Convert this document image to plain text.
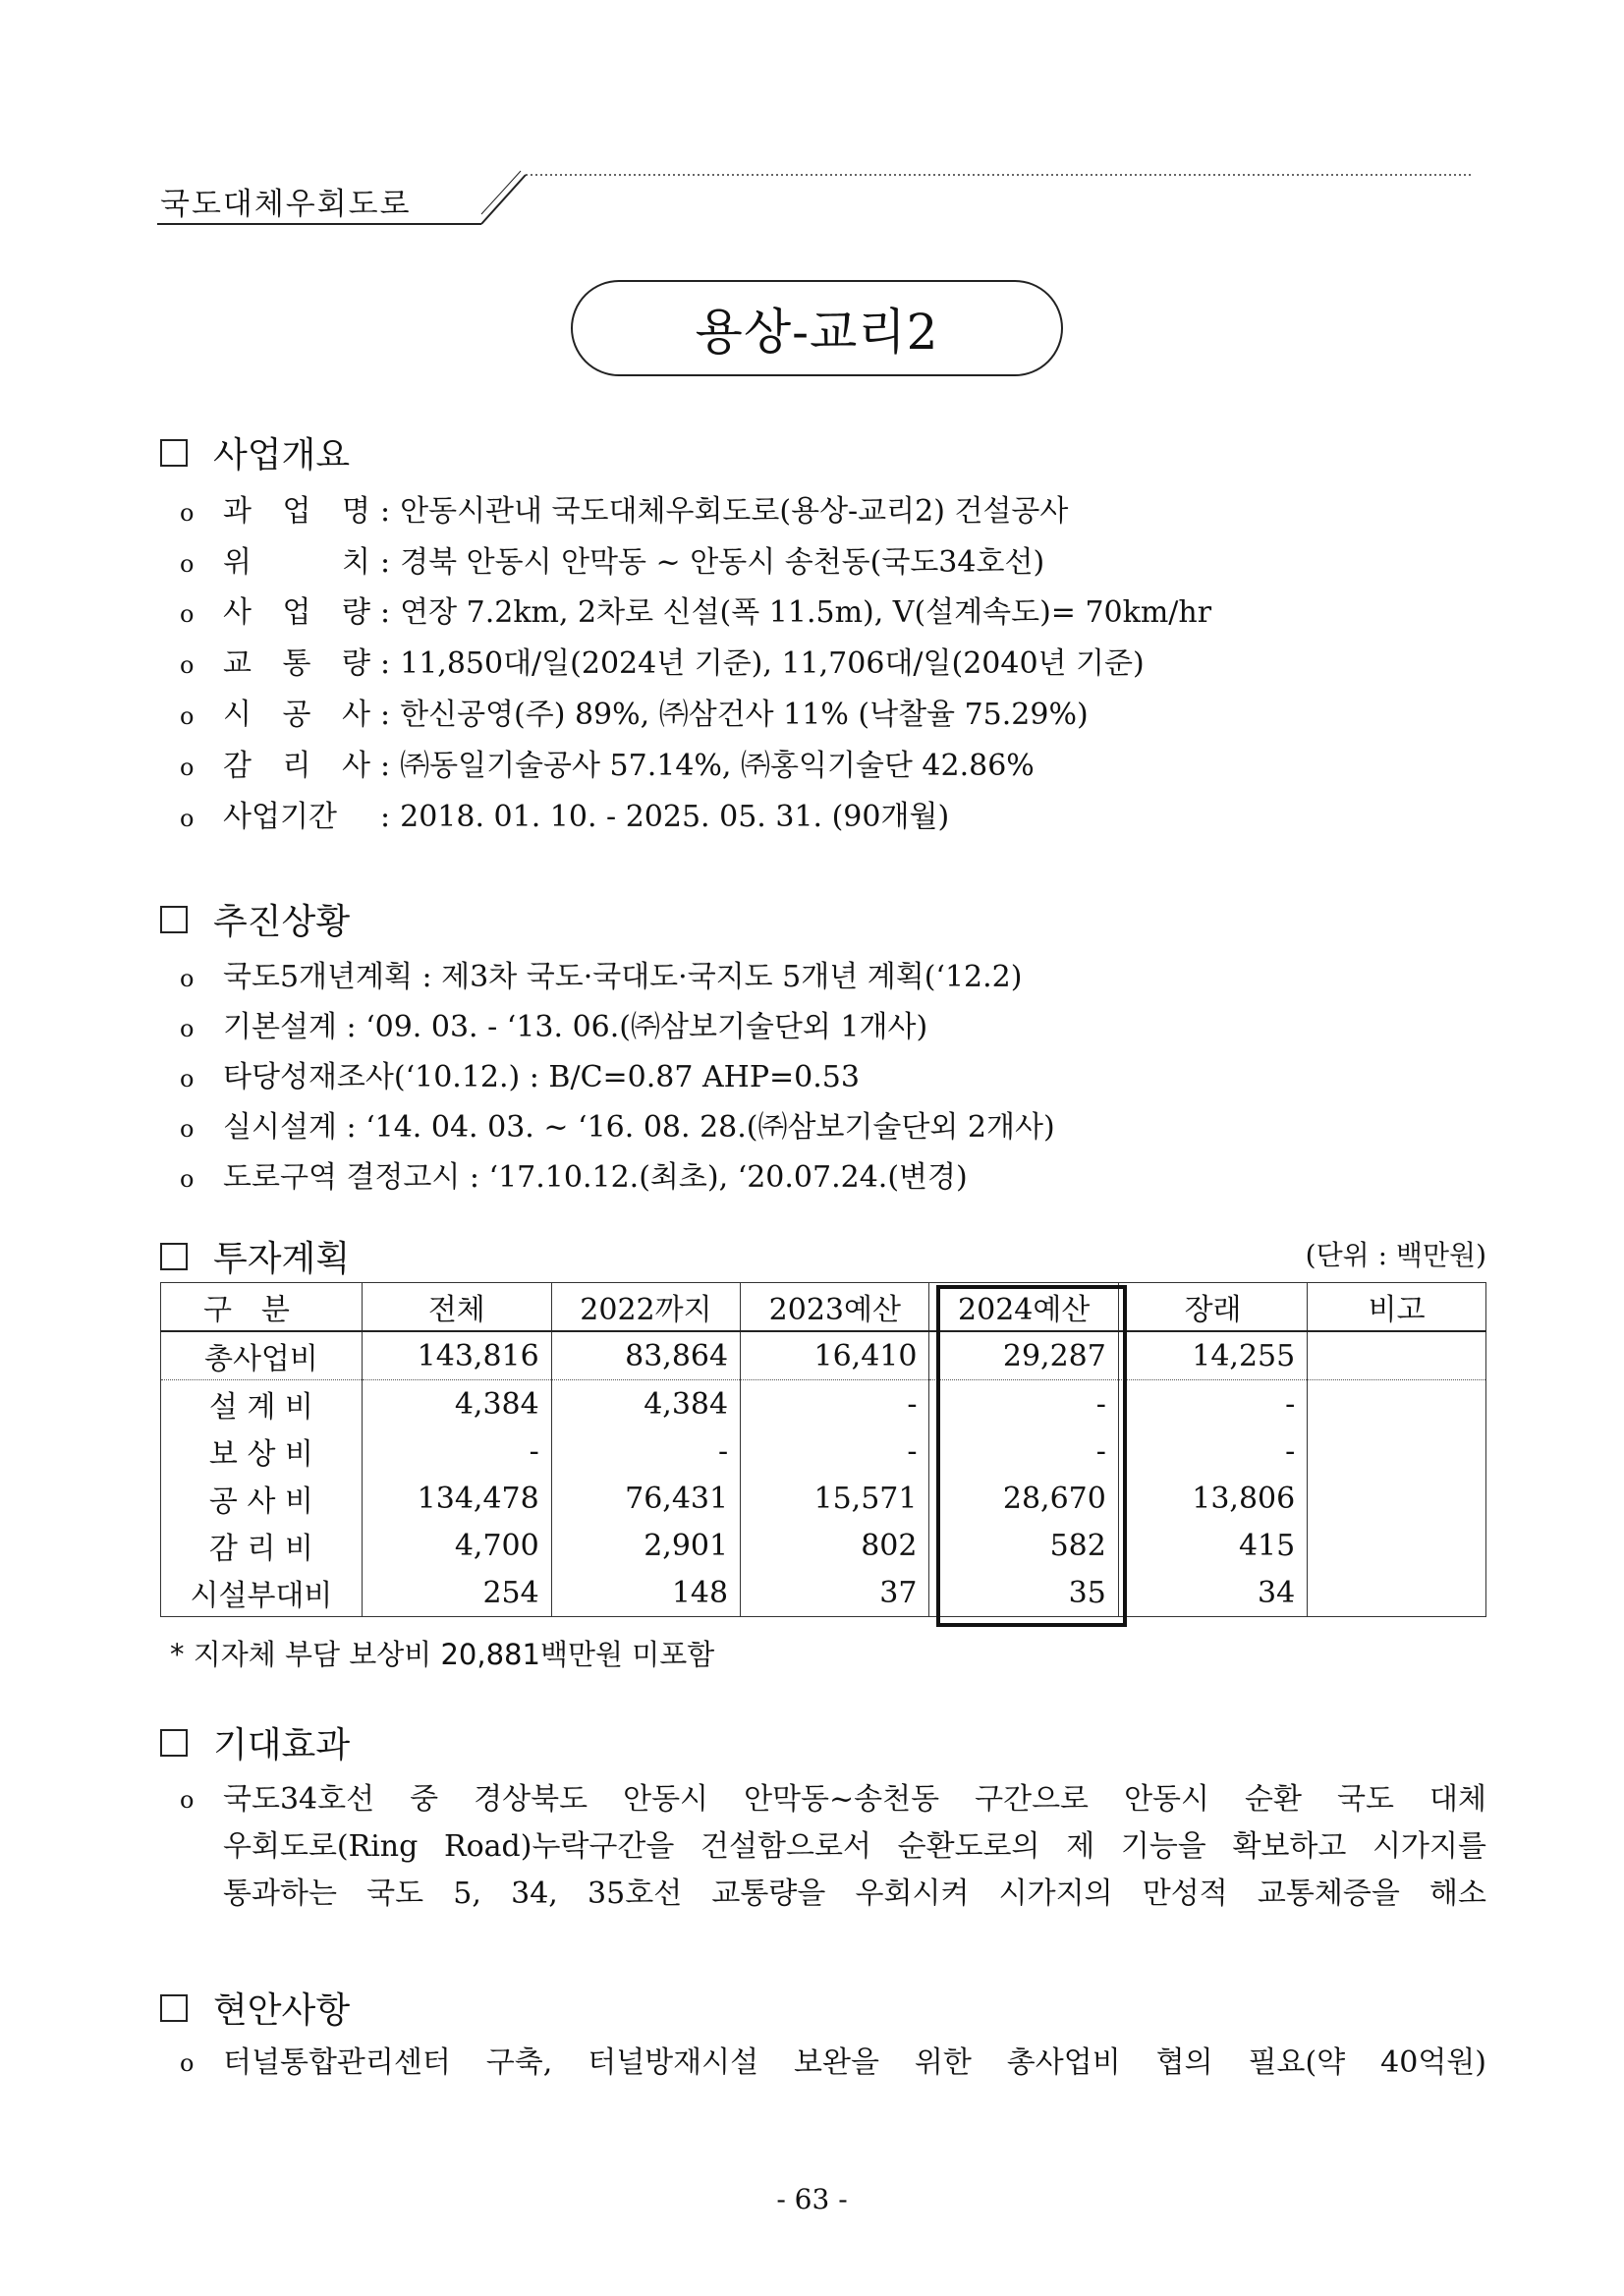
국도대체우회도로
용상-교리2
사업개요
o 과 업 명 : 안동시관내 국도대체우회도로(용상-교리2) 건설공사
o 위	치 : 경북 안동시 안막동 ~ 안동시 송천동(국도34호선)
o 사 업 량 : 연장 7.2km, 2차로 신설(폭 11.5m), V(설계속도)= 70km/hr
o 교 통 량 : 11,850대/일(2024년 기준), 11,706대/일(2040년 기준)
o 시 공 사 : 한신공영(주) 89%, ㈜삼건사 11% (낙찰율 75.29%)
o 감 리 사 : ㈜동일기술공사 57.14%, ㈜홍익기술단 42.86%
o 사업기간 : 2018. 01. 10. - 2025. 05. 31. (90개월)
추진상황
o 국도5개년계획 : 제3차 국도·국대도·국지도 5개년 계획(‘12.2)
o 기본설계 : ‘09. 03. - ‘13. 06.(㈜삼보기술단외 1개사)
o 타당성재조사(‘10.12.) : B/C=0.87 AHP=0.53
o 실시설계 : ‘14. 04. 03. ~ ‘16. 08. 28.(㈜삼보기술단외 2개사)
o 도로구역 결정고시 : ‘17.10.12.(최초), ‘20.07.24.(변경)
투자계획	(단위 : 백만원)
구분	전체	2022까지	2023예산	2024예산	장래	비고
총사업비	143,816	83,864	16,410	29,287	14,255	
설 계 비	4,384	4,384	-	-	-	
보 상 비	-	-	-	-	-	
공 사 비	134,478	76,431	15,571	28,670	13,806	
감 리 비	4,700	2,901	802	582	415	
시설부대비	254	148	37	35	34	
* 지자체 부담 보상비 20,881백만원 미포함
기대효과
o 국도34호선 중 경상북도 안동시 안막동~송천동 구간으로 안동시 순환 국도 대체
우회도로(Ring Road)누락구간을 건설함으로서 순환도로의 제 기능을 확보하고 시가지를
통과하는 국도 5, 34, 35호선 교통량을 우회시켜 시가지의 만성적 교통체증을 해소
현안사항
o 터널통합관리센터 구축, 터널방재시설 보완을 위한 총사업비 협의 필요(약 40억원)
- 63 -
